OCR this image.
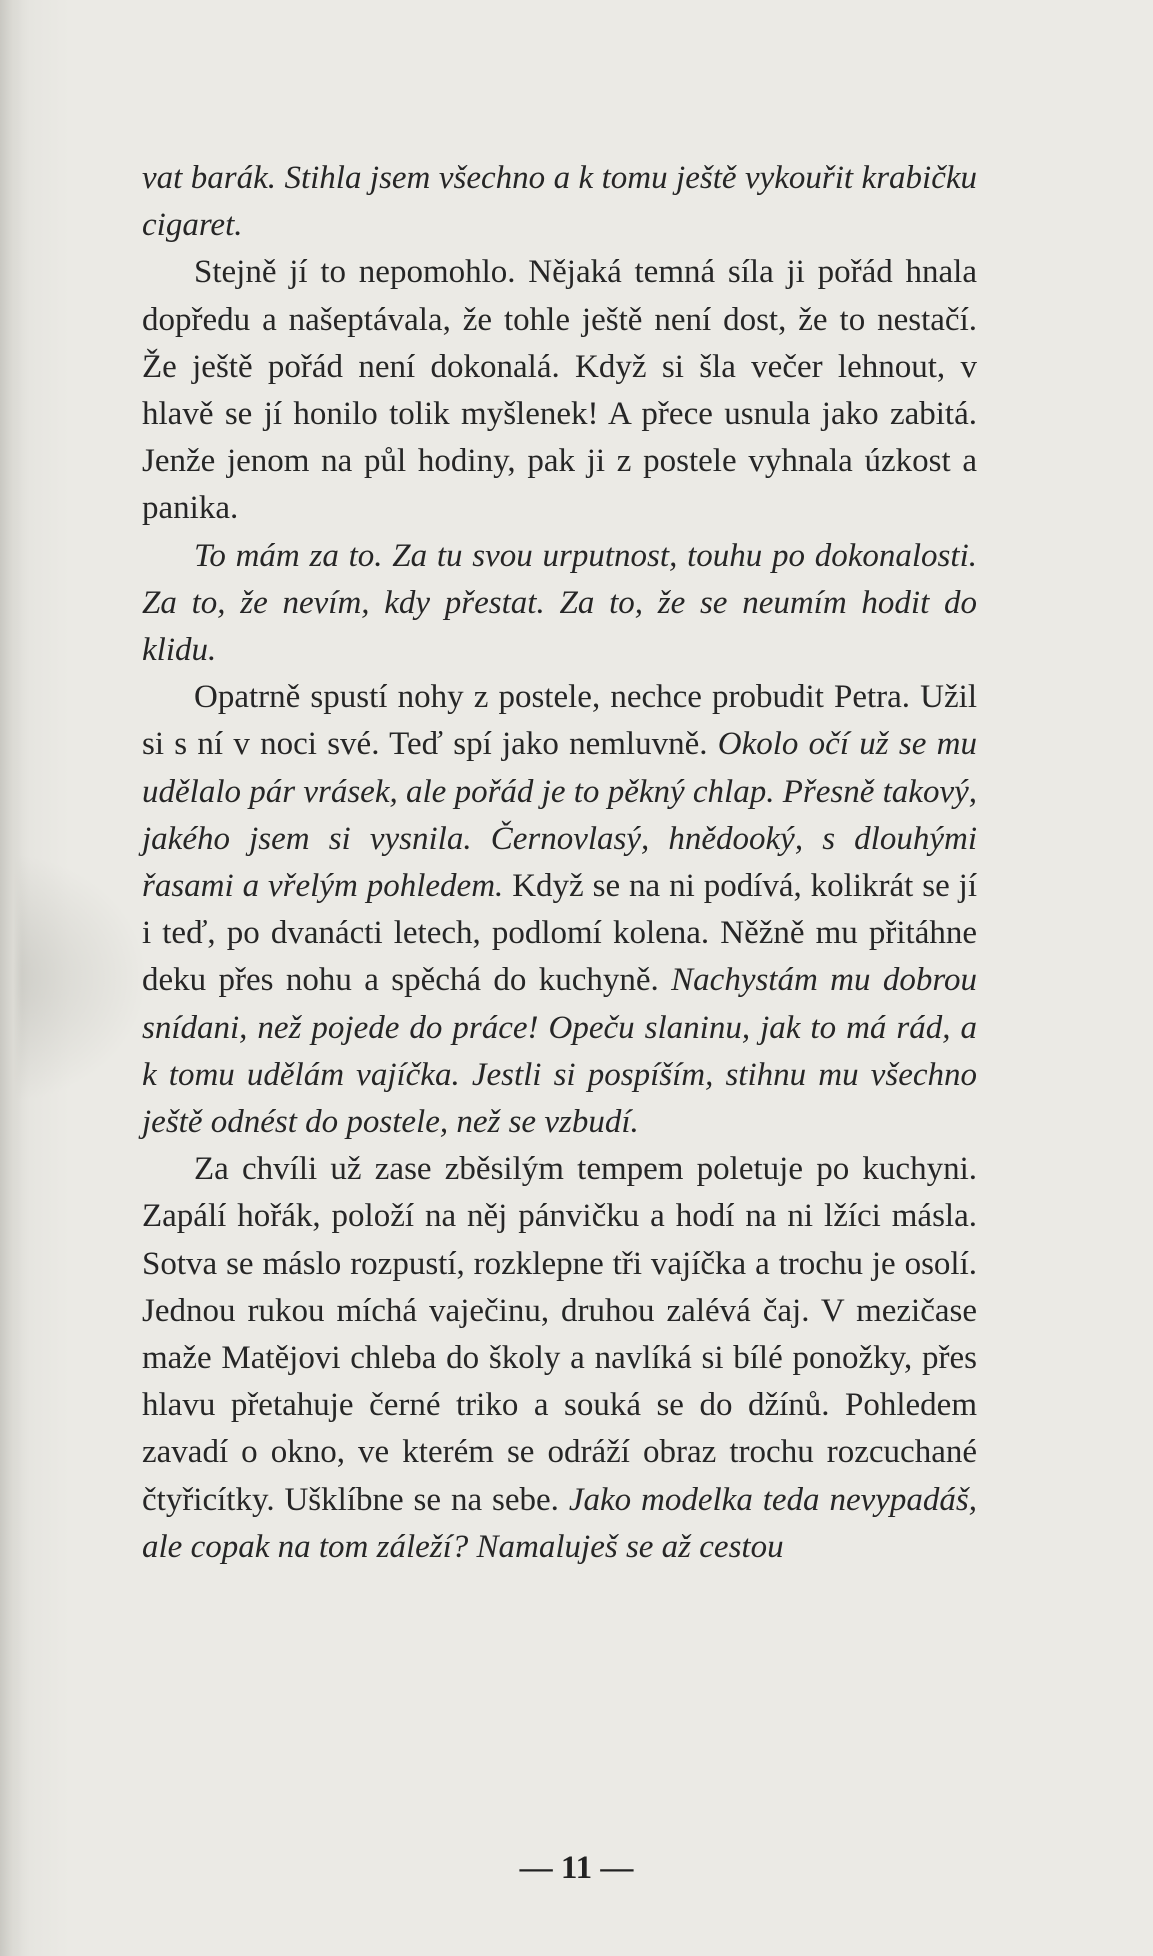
vat barák. Stihla jsem všechno a k tomu ještě vykouřit krabičku cigaret.

Stejně jí to nepomohlo. Nějaká temná síla ji pořád hnala dopředu a našeptávala, že tohle ještě není dost, že to nestačí. Že ještě pořád není dokonalá. Když si šla večer lehnout, v hlavě se jí honilo tolik myšlenek! A přece usnula jako zabitá. Jenže jenom na půl hodiny, pak ji z postele vyhnala úzkost a panika.

To mám za to. Za tu svou urputnost, touhu po dokonalosti. Za to, že nevím, kdy přestat. Za to, že se neumím hodit do klidu.

Opatrně spustí nohy z postele, nechce probudit Petra. Užil si s ní v noci své. Teď spí jako nemluvně. Okolo očí už se mu udělalo pár vrásek, ale pořád je to pěkný chlap. Přesně takový, jakého jsem si vysnila. Černovlasý, hnědooký, s dlouhými řasami a vřelým pohledem. Když se na ni podívá, kolikrát se jí i teď, po dvanácti letech, podlomí kolena. Něžně mu přitáhne deku přes nohu a spěchá do kuchyně. Nachystám mu dobrou snídani, než pojede do práce! Opeču slaninu, jak to má rád, a k tomu udělám vajíčka. Jestli si pospíším, stihnu mu všechno ještě odnést do postele, než se vzbudí.

Za chvíli už zase zběsilým tempem poletuje po kuchyni. Zapálí hořák, položí na něj pánvičku a hodí na ni lžíci másla. Sotva se máslo rozpustí, rozklepne tři vajíčka a trochu je osolí. Jednou rukou míchá vaječinu, druhou zalévá čaj. V mezičase maže Matějovi chleba do školy a navlíká si bílé ponožky, přes hlavu přetahuje černé triko a souká se do džínů. Pohledem zavadí o okno, ve kterém se odráží obraz trochu rozcuchané čtyřicítky. Ušklíbne se na sebe. Jako modelka teda nevypadáš, ale copak na tom záleží? Namaluješ se až cestou

— 11 —
